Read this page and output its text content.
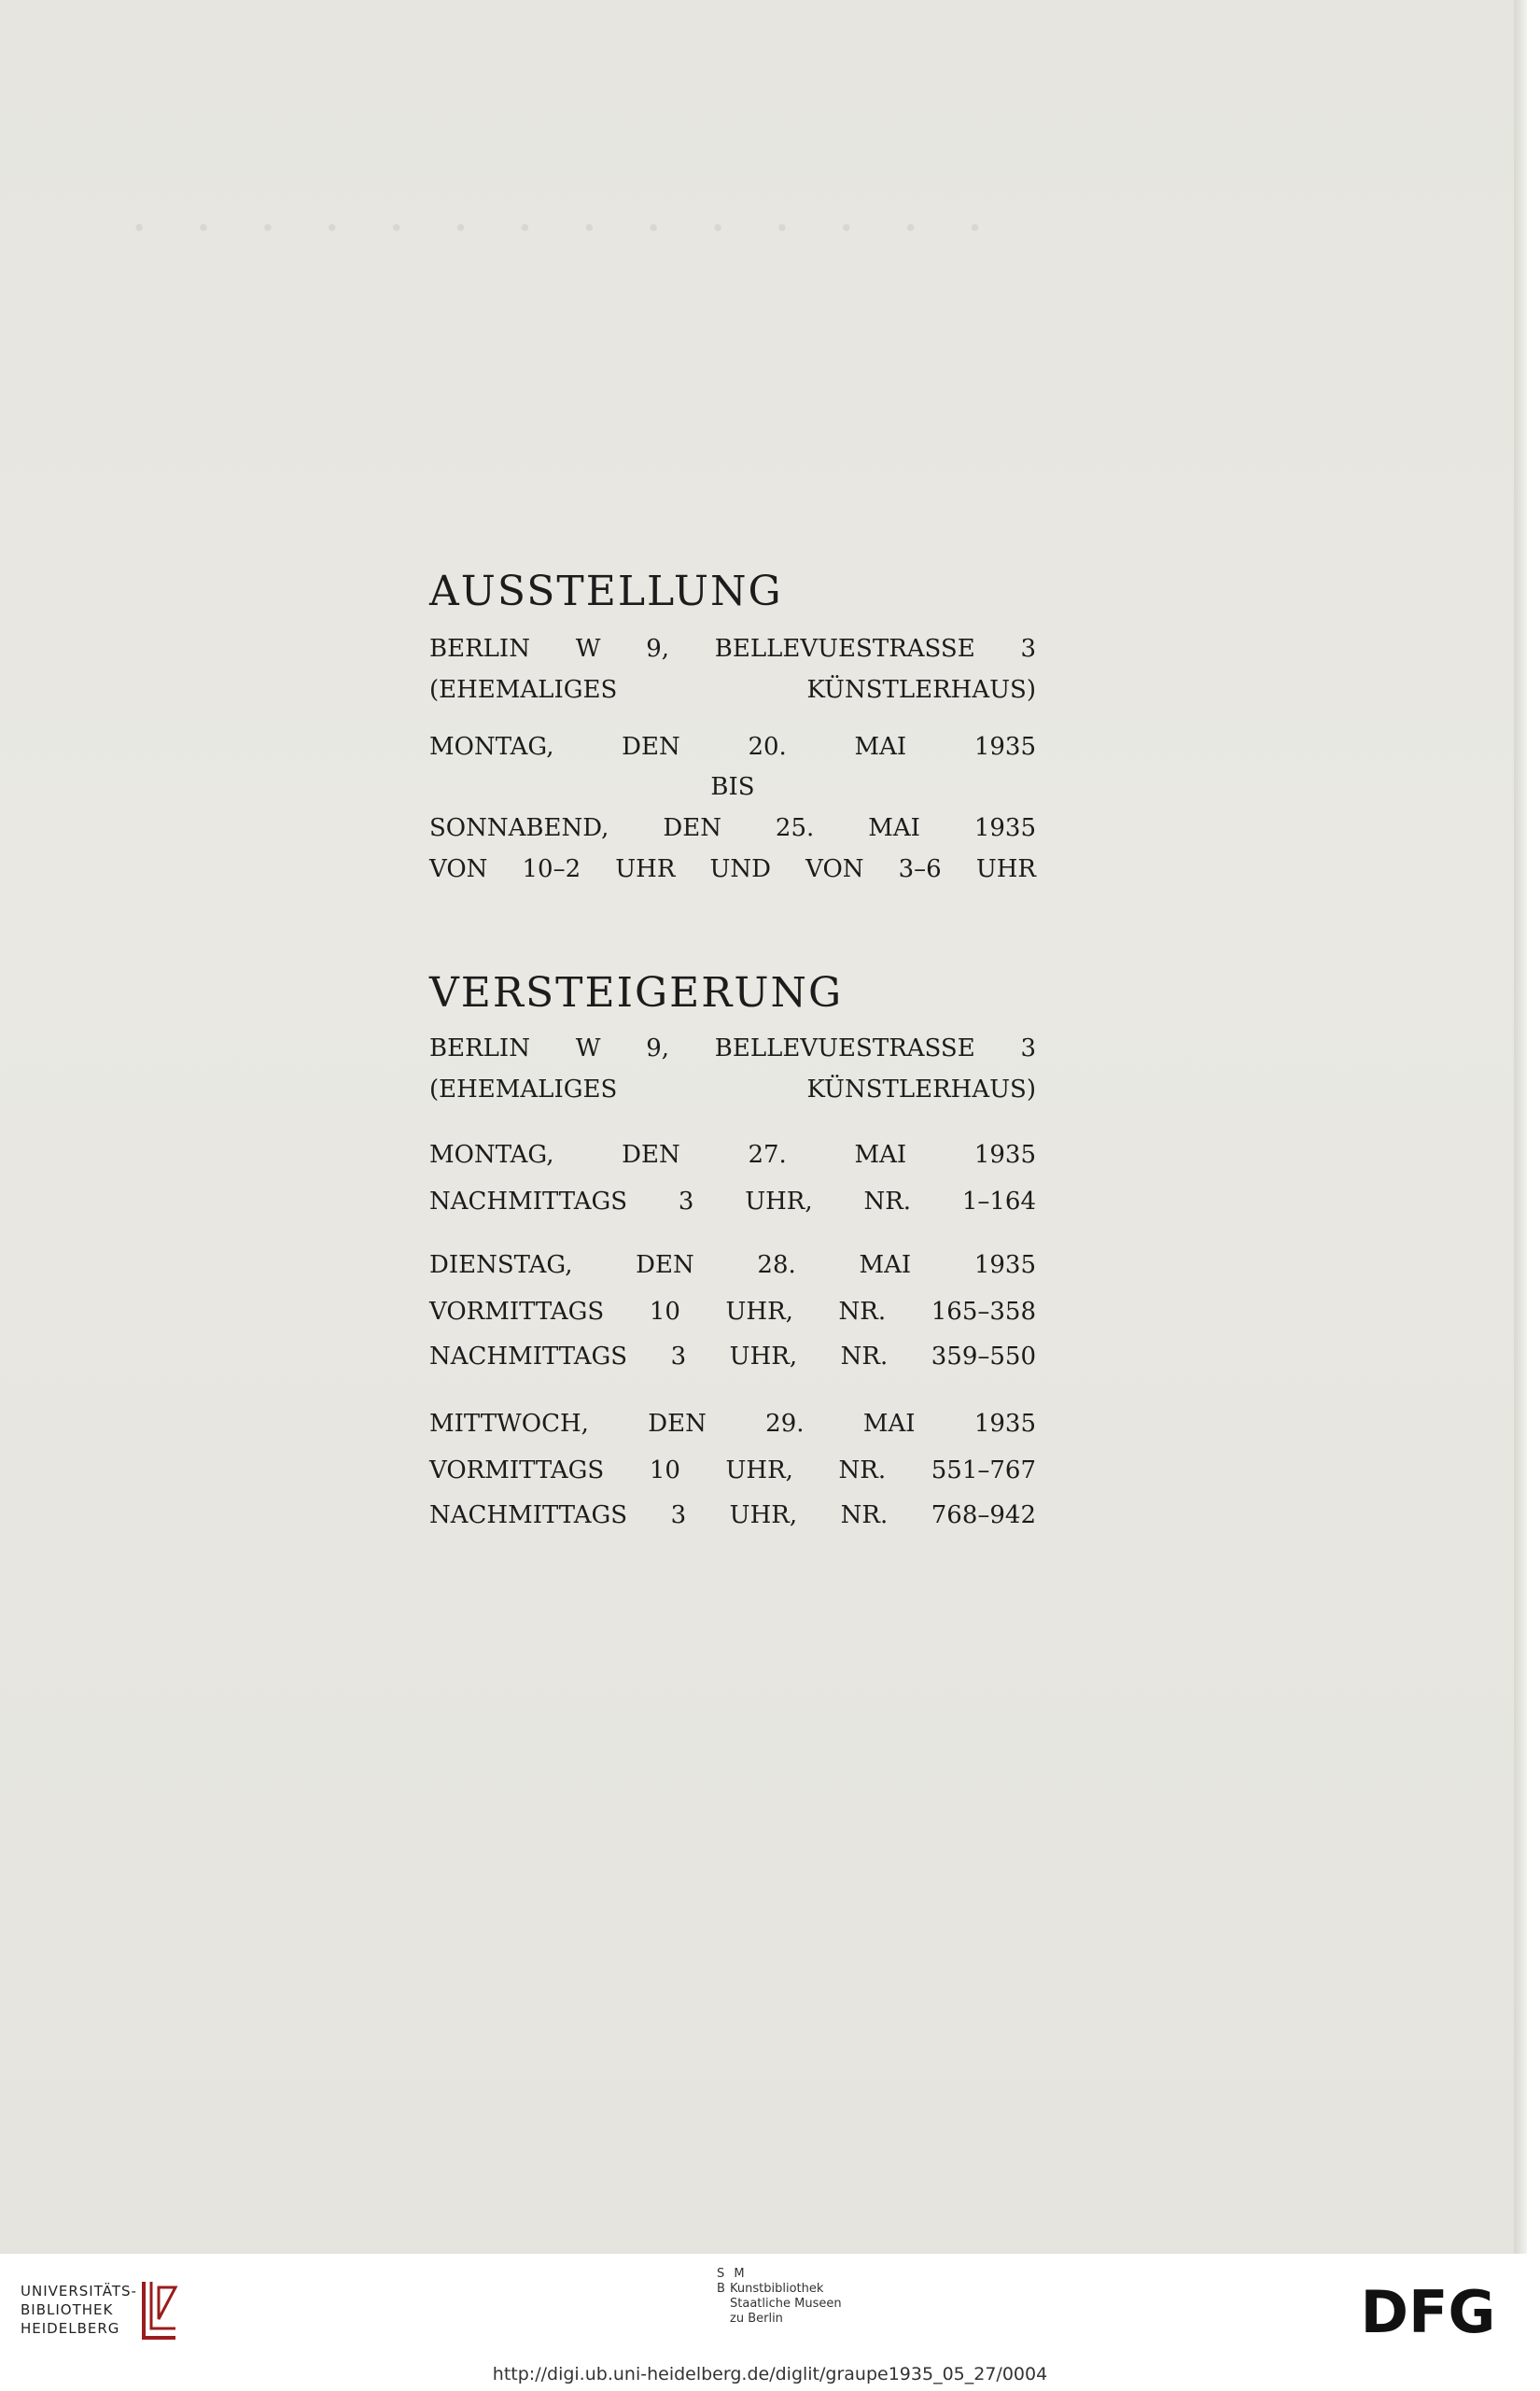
· · · · · · · · · · · · · ·
AUSSTELLUNG
BERLIN W 9, BELLEVUESTRASSE 3
(EHEMALIGES KÜNSTLERHAUS)
MONTAG, DEN 20. MAI 1935
BIS
SONNABEND, DEN 25. MAI 1935
VON 10–2 UHR UND VON 3–6 UHR
VERSTEIGERUNG
BERLIN W 9, BELLEVUESTRASSE 3
(EHEMALIGES KÜNSTLERHAUS)
MONTAG, DEN 27. MAI 1935
NACHMITTAGS 3 UHR, NR. 1–164
DIENSTAG, DEN 28. MAI 1935
VORMITTAGS 10 UHR, NR. 165–358
NACHMITTAGS 3 UHR, NR. 359–550
MITTWOCH, DEN 29. MAI 1935
VORMITTAGS 10 UHR, NR. 551–767
NACHMITTAGS 3 UHR, NR. 768–942
UNIVERSITÄTS-
BIBLIOTHEK
HEIDELBERG
S M
B Kunstbibliothek
Staatliche Museen
zu Berlin	DFG
http://digi.ub.uni-heidelberg.de/diglit/graupe1935_05_27/0004
